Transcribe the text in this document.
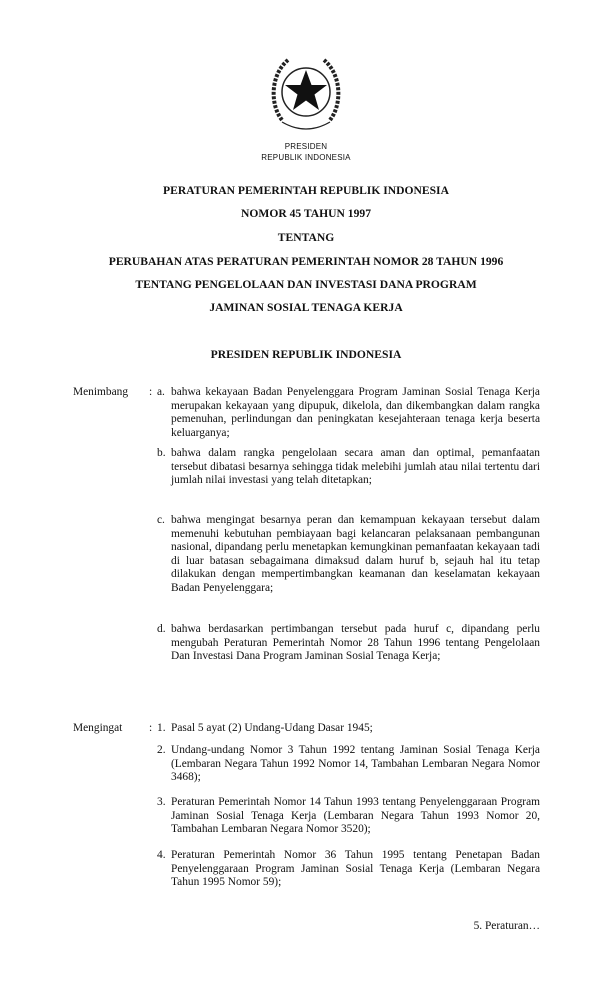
PRESIDEN
REPUBLIK INDONESIA
PERATURAN PEMERINTAH REPUBLIK INDONESIA
NOMOR 45 TAHUN 1997
TENTANG
PERUBAHAN ATAS PERATURAN PEMERINTAH NOMOR 28 TAHUN 1996
TENTANG PENGELOLAAN DAN INVESTASI DANA PROGRAM
JAMINAN SOSIAL TENAGA KERJA
PRESIDEN REPUBLIK INDONESIA
Menimbang : a. bahwa kekayaan Badan Penyelenggara Program Jaminan Sosial Tenaga Kerja merupakan kekayaan yang dipupuk, dikelola, dan dikembangkan dalam rangka pemenuhan, perlindungan dan peningkatan kesejahteraan tenaga kerja beserta keluarganya;
b. bahwa dalam rangka pengelolaan secara aman dan optimal, pemanfaatan tersebut dibatasi besarnya sehingga tidak melebihi jumlah atau nilai tertentu dari jumlah nilai investasi yang telah ditetapkan;
c. bahwa mengingat besarnya peran dan kemampuan kekayaan tersebut dalam memenuhi kebutuhan pembiayaan bagi kelancaran pelaksanaan pembangunan nasional, dipandang perlu menetapkan kemungkinan pemanfaatan kekayaan tadi di luar batasan sebagaimana dimaksud dalam huruf b, sejauh hal itu tetap dilakukan dengan mempertimbangkan keamanan dan keselamatan kekayaan Badan Penyelenggara;
d. bahwa berdasarkan pertimbangan tersebut pada huruf c, dipandang perlu mengubah Peraturan Pemerintah Nomor 28 Tahun 1996 tentang Pengelolaan Dan Investasi Dana Program Jaminan Sosial Tenaga Kerja;
Mengingat : 1. Pasal 5 ayat (2) Undang-Udang Dasar 1945;
2. Undang-undang Nomor 3 Tahun 1992 tentang Jaminan Sosial Tenaga Kerja (Lembaran Negara Tahun 1992 Nomor 14, Tambahan Lembaran Negara Nomor 3468);
3. Peraturan Pemerintah Nomor 14 Tahun 1993 tentang Penyelenggaraan Program Jaminan Sosial Tenaga Kerja (Lembaran Negara Tahun 1993 Nomor 20, Tambahan Lembaran Negara Nomor 3520);
4. Peraturan Pemerintah Nomor 36 Tahun 1995 tentang Penetapan Badan Penyelenggaraan Program Jaminan Sosial Tenaga Kerja (Lembaran Negara Tahun 1995 Nomor 59);
5. Peraturan…
